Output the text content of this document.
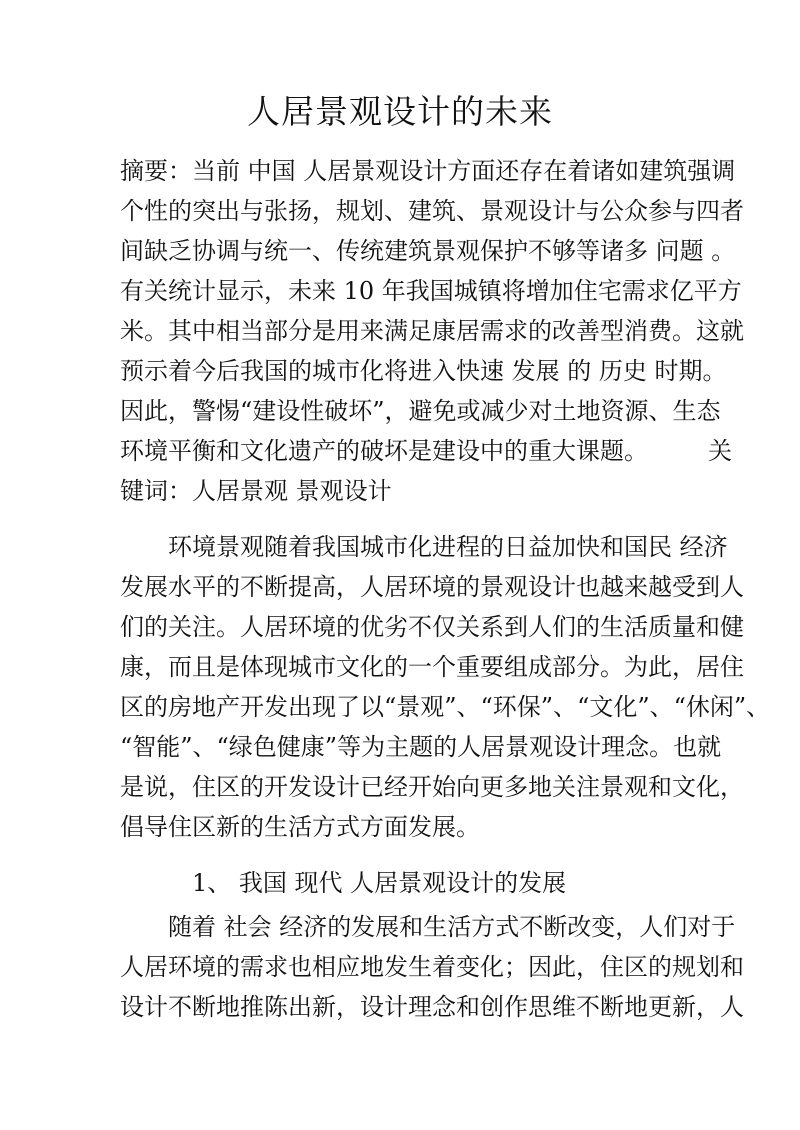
人居景观设计的未来
摘要：当前 中国 人居景观设计方面还存在着诸如建筑强调
个性的突出与张扬，规划、建筑、景观设计与公众参与四者
间缺乏协调与统一、传统建筑景观保护不够等诸多 问题 。
有关统计显示，未来 10 年我国城镇将增加住宅需求亿平方
米。其中相当部分是用来满足康居需求的改善型消费。这就
预示着今后我国的城市化将进入快速 发展 的 历史 时期。
因此，警惕“建设性破坏”，避免或减少对土地资源、生态
环境平衡和文化遗产的破坏是建设中的重大课题。　　　关
键词：人居景观 景观设计
　　环境景观随着我国城市化进程的日益加快和国民 经济
发展水平的不断提高，人居环境的景观设计也越来越受到人
们的关注。人居环境的优劣不仅关系到人们的生活质量和健
康，而且是体现城市文化的一个重要组成部分。为此，居住
区的房地产开发出现了以“景观”、“环保”、“文化”、“休闲”、
“智能”、“绿色健康”等为主题的人居景观设计理念。也就
是说，住区的开发设计已经开始向更多地关注景观和文化，
倡导住区新的生活方式方面发展。
　　　1、 我国 现代 人居景观设计的发展
　　随着 社会 经济的发展和生活方式不断改变，人们对于
人居环境的需求也相应地发生着变化；因此，住区的规划和
设计不断地推陈出新，设计理念和创作思维不断地更新，人
